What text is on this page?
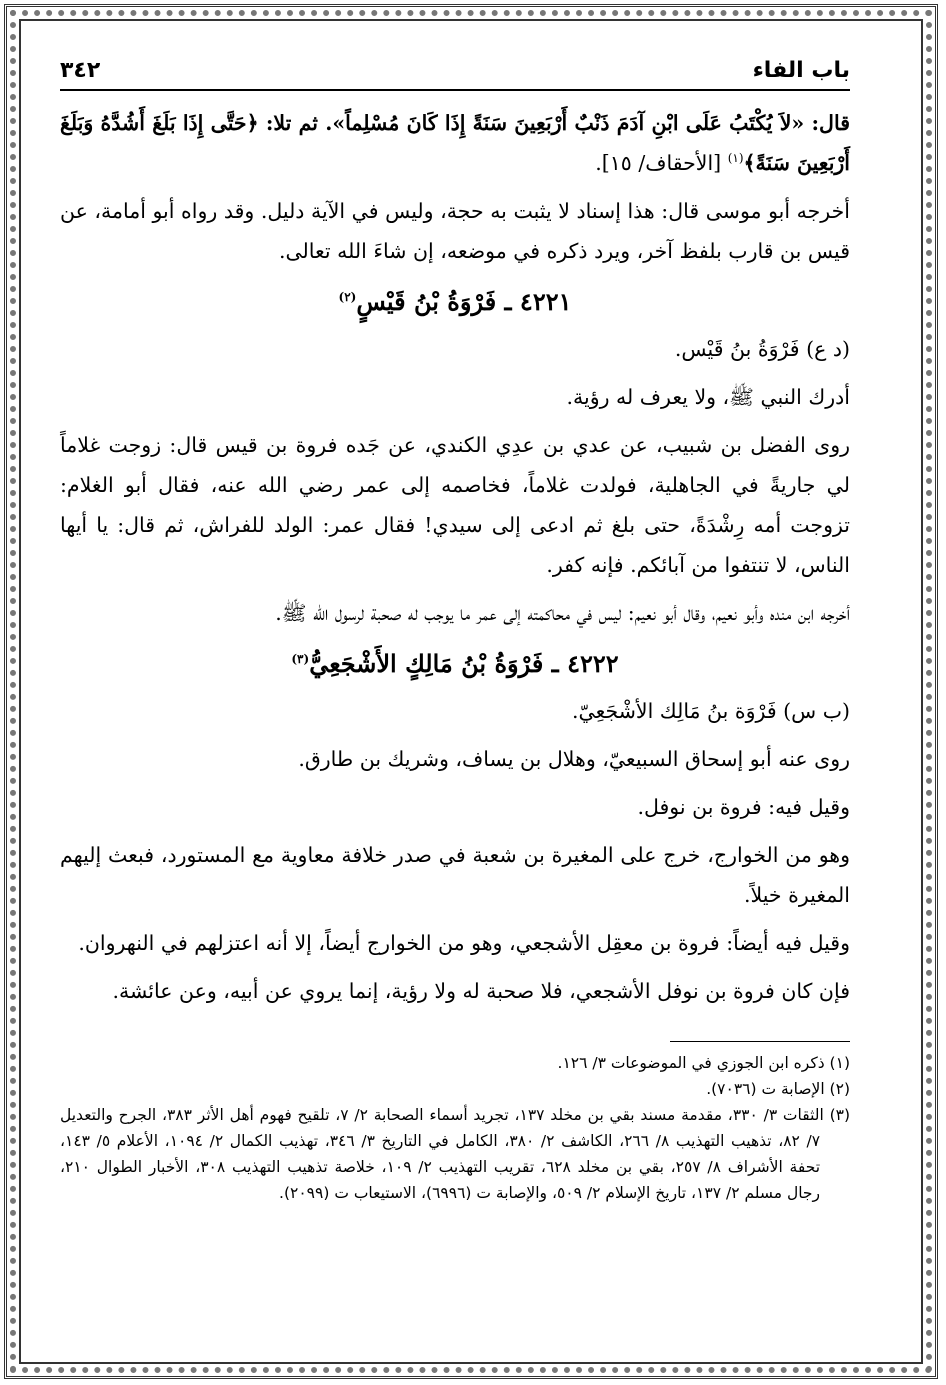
باب الفاء
٣٤٢

قال: «لاَ يُكْتَبُ عَلَى ابْنِ آدَمَ ذَنْبٌ أَرْبَعِينَ سَنَةً إِذَا كَانَ مُسْلِماً». ثم تلا: ﴿حَتَّى إِذَا بَلَغَ أَشُدَّهُ وَبَلَغَ أَرْبَعِينَ سَنَةً﴾$^{(١)}$ [الأحقاف/ ١٥].

أخرجه أبو موسى قال: هذا إسناد لا يثبت به حجة، وليس في الآية دليل. وقد رواه أبو أمامة، عن قيس بن قارب بلفظ آخر، ويرد ذكره في موضعه، إن شاءَ الله تعالى.

٤٢٢١ ـ فَرْوَةُ بْنُ قَيْسٍ$^{(٢)}$

(د ع) فَرْوَةُ بنُ قَيْس.

أدرك النبي ﷺ، ولا يعرف له رؤية.

روى الفضل بن شبيب، عن عدي بن عدِي الكندي، عن جَده فروة بن قيس قال: زوجت غلاماً لي جاريةً في الجاهلية، فولدت غلاماً، فخاصمه إلى عمر رضي الله عنه، فقال أبو الغلام: تزوجت أمه رِشْدَةً، حتى بلغ ثم ادعى إلى سيدي! فقال عمر: الولد للفراش، ثم قال: يا أيها الناس، لا تنتفوا من آبائكم. فإنه كفر.

أخرجه ابن منده وأبو نعيم، وقال أبو نعيم: ليس في محاكمته إلى عمر ما يوجب له صحبة لرسول الله ﷺ.

٤٢٢٢ ـ فَرْوَةُ بْنُ مَالِكٍ الأَشْجَعِيُّ$^{(٣)}$

(ب س) فَرْوَة بنُ مَالِك الأشْجَعِيّ.

روى عنه أبو إسحاق السبيعيّ، وهلال بن يساف، وشريك بن طارق.

وقيل فيه: فروة بن نوفل.

وهو من الخوارج، خرج على المغيرة بن شعبة في صدر خلافة معاوية مع المستورد، فبعث إليهم المغيرة خيلاً.

وقيل فيه أيضاً: فروة بن معقِل الأشجعي، وهو من الخوارج أيضاً، إلا أنه اعتزلهم في النهروان.

فإن كان فروة بن نوفل الأشجعي، فلا صحبة له ولا رؤية، إنما يروي عن أبيه، وعن عائشة.

(١) ذكره ابن الجوزي في الموضوعات ٣/ ١٢٦.

(٢) الإصابة ت (٧٠٣٦).

(٣) الثقات ٣/ ٣٣٠، مقدمة مسند بقي بن مخلد ١٣٧، تجريد أسماء الصحابة ٢/ ٧، تلقيح فهوم أهل الأثر ٣٨٣، الجرح والتعديل ٧/ ٨٢، تذهيب التهذيب ٨/ ٢٦٦، الكاشف ٢/ ٣٨٠، الكامل في التاريخ ٣/ ٣٤٦، تهذيب الكمال ٢/ ١٠٩٤، الأعلام ٥/ ١٤٣، تحفة الأشراف ٨/ ٢٥٧، بقي بن مخلد ٦٢٨، تقريب التهذيب ٢/ ١٠٩، خلاصة تذهيب التهذيب ٣٠٨، الأخبار الطوال ٢١٠، رجال مسلم ٢/ ١٣٧، تاريخ الإسلام ٢/ ٥٠٩، والإصابة ت (٦٩٩٦)، الاستيعاب ت (٢٠٩٩).
